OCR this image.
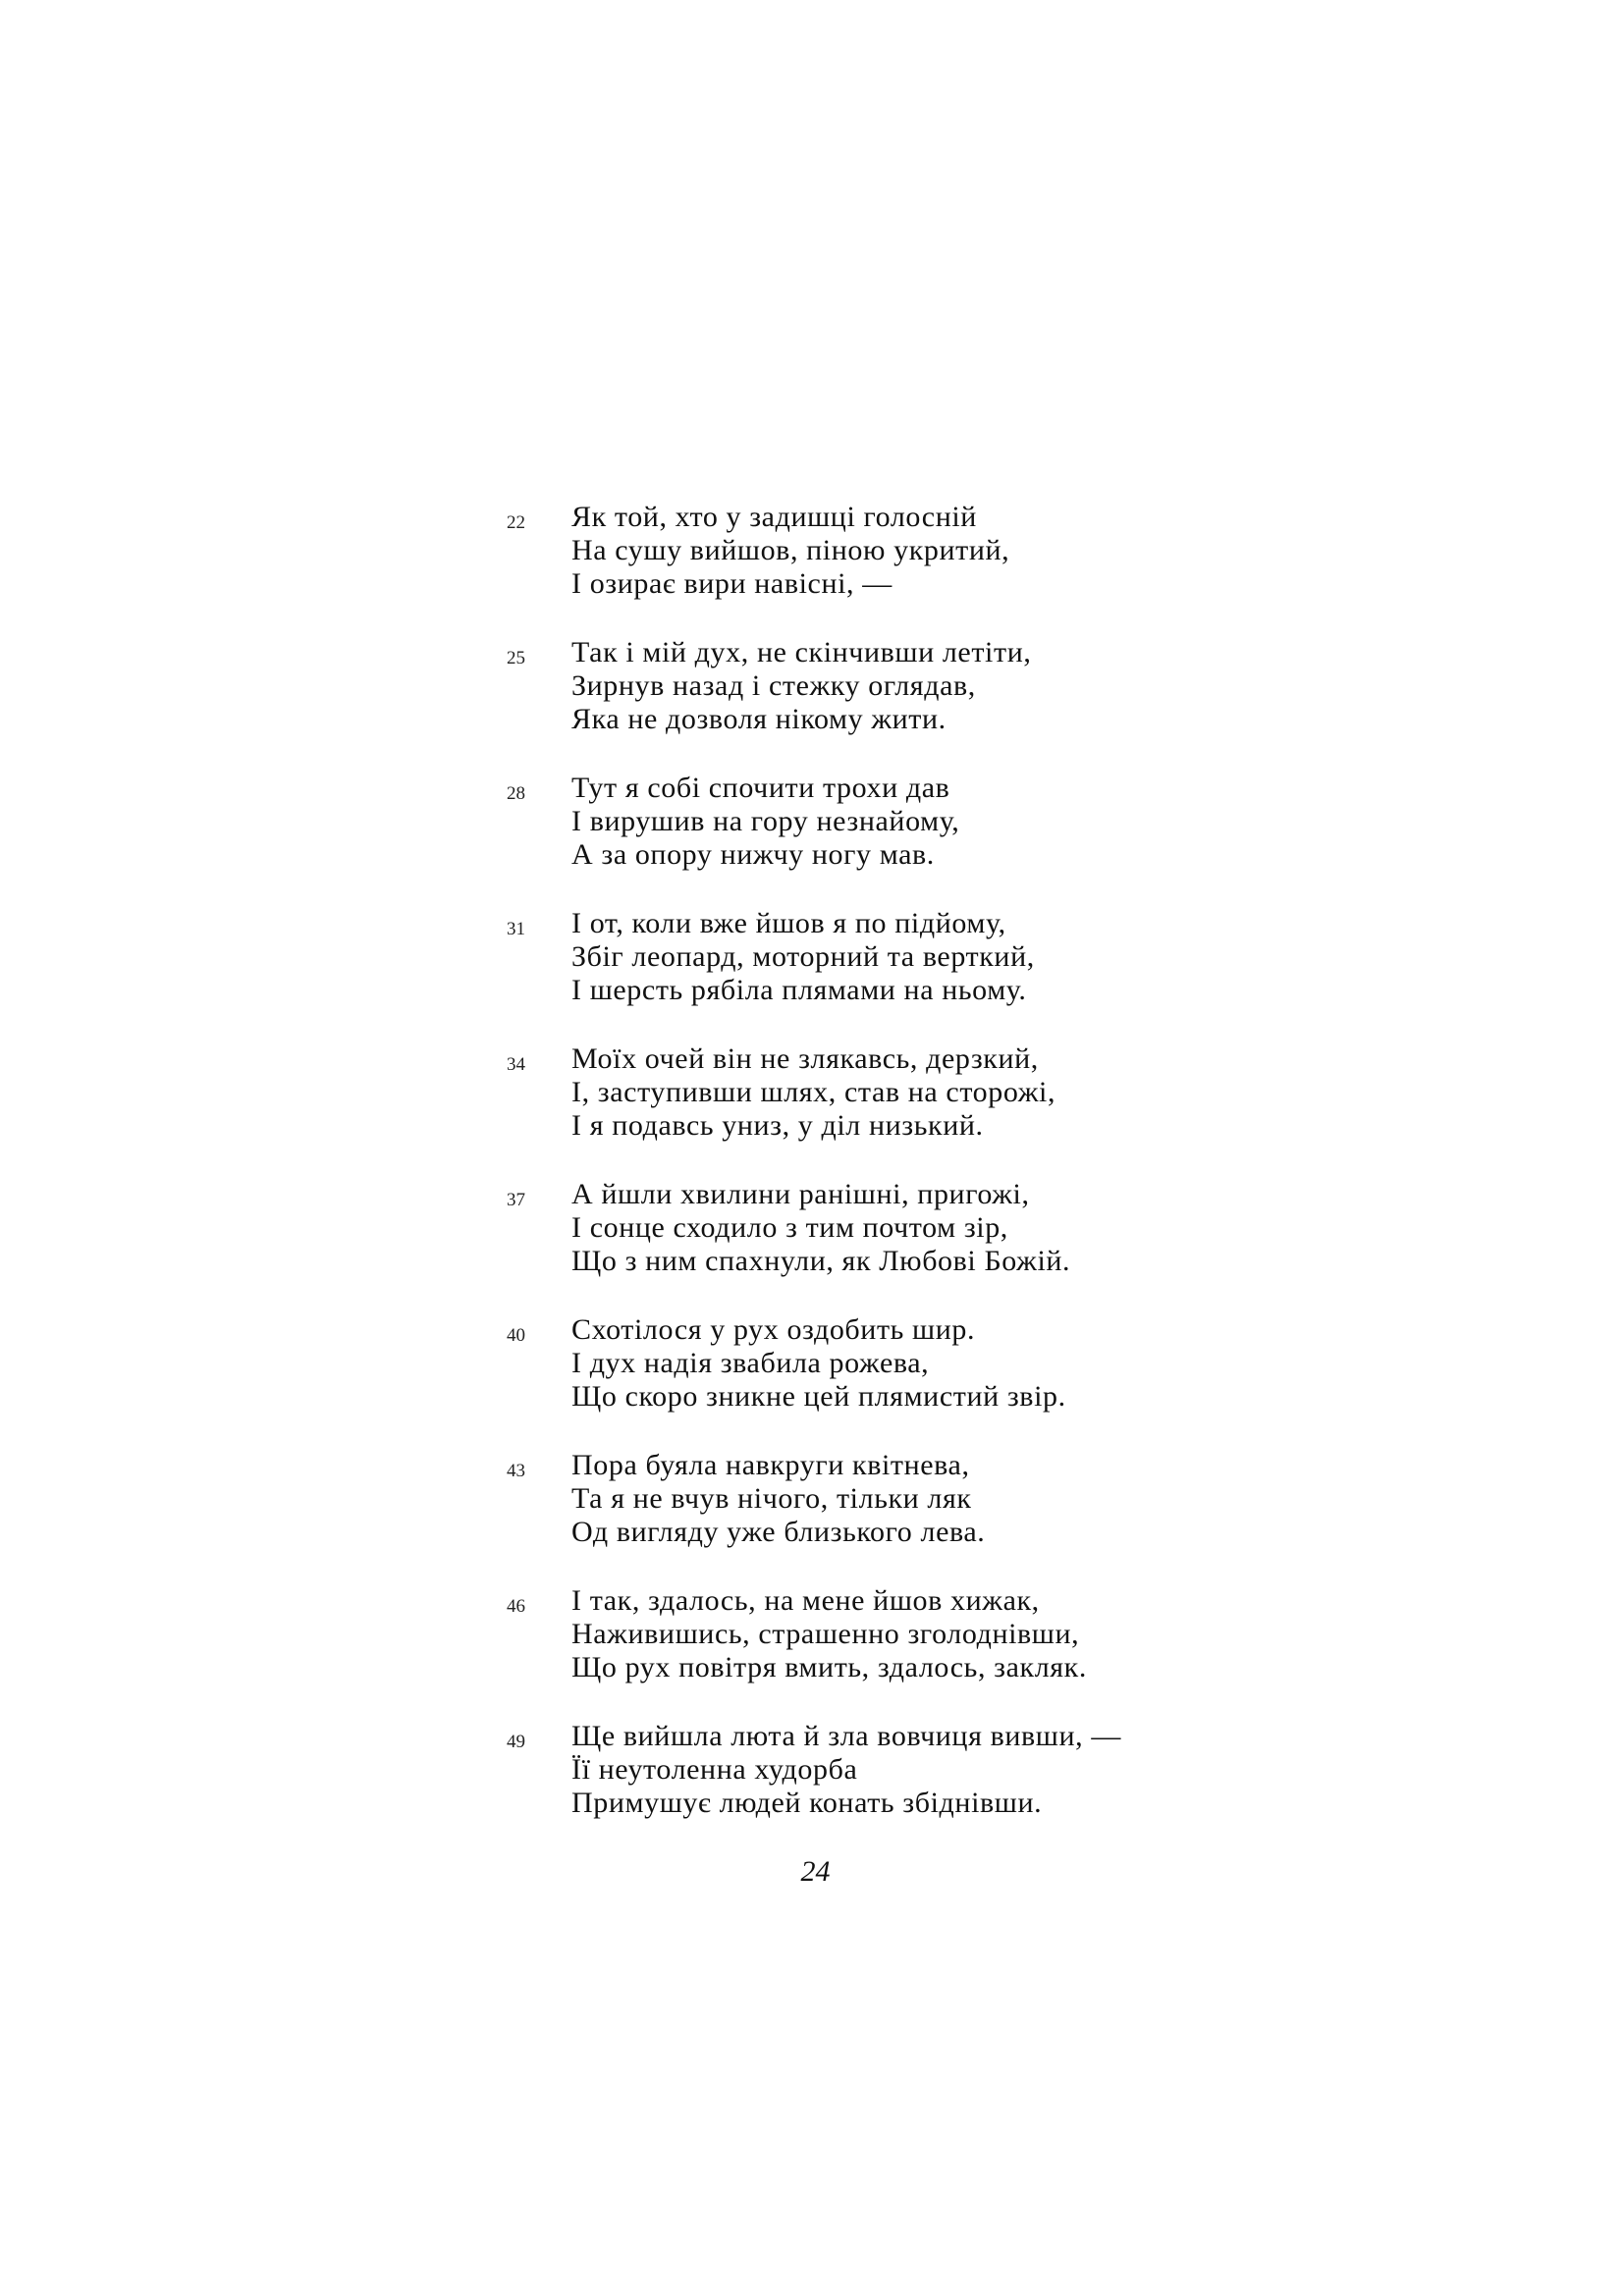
22 Як той, хто у задишці голосній
На сушу вийшов, піною укритий,
І озирає вири навісні, —
25 Так і мій дух, не скінчивши летіти,
Зирнув назад і стежку оглядав,
Яка не дозволя нікому жити.
28 Тут я собі спочити трохи дав
І вирушив на гору незнайому,
А за опору нижчу ногу мав.
31 І от, коли вже йшов я по підйому,
Збіг леопард, моторний та верткий,
І шерсть рябіла плямами на ньому.
34 Моїх очей він не злякавсь, дерзкий,
І, заступивши шлях, став на сторожі,
І я подавсь униз, у діл низький.
37 А йшли хвилини ранішні, пригожі,
І сонце сходило з тим почтом зір,
Що з ним спахнули, як Любові Божій.
40 Схотілося у рух оздобить шир.
І дух надія звабила рожева,
Що скоро зникне цей плямистий звір.
43 Пора буяла навкруги квітнева,
Та я не вчув нічого, тільки ляк
Од вигляду уже близького лева.
46 І так, здалось, на мене йшов хижак,
Наживишись, страшенно зголоднівши,
Що рух повітря вмить, здалось, закляк.
49 Ще вийшла люта й зла вовчиця вивши, —
Її неутоленна худорба
Примушує людей конать збіднівши.
24
